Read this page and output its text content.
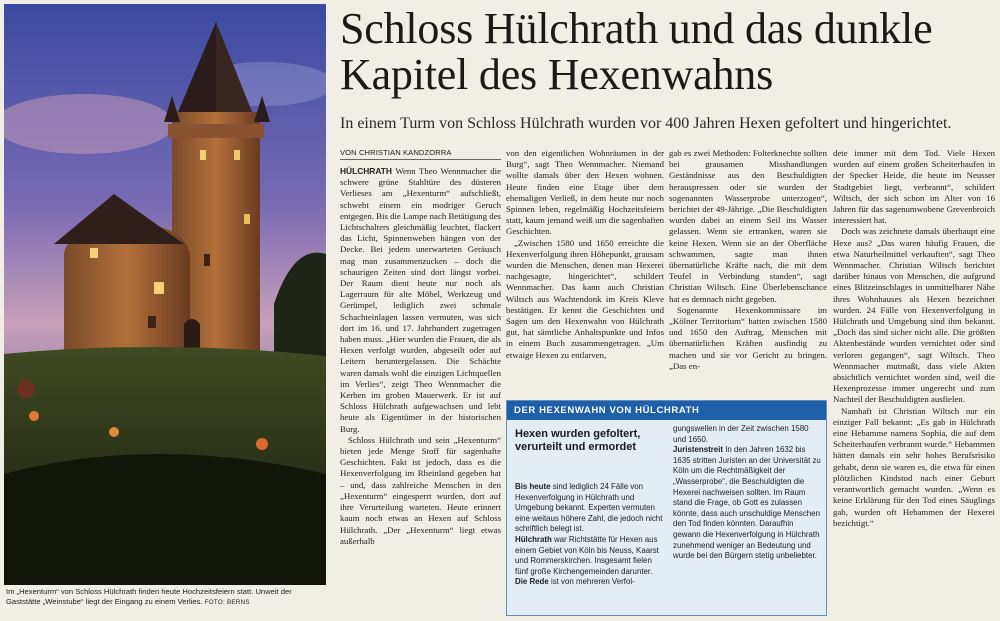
Im „Hexenturm“ von Schloss Hülchrath finden heute Hochzeitsfeiern statt. Unweit der Gaststätte „Weinstube“ liegt der Eingang zu einem Verlies. FOTO: BERNS
Schloss Hülchrath und das dunkle Kapitel des Hexenwahns
In einem Turm von Schloss Hülchrath wurden vor 400 Jahren Hexen gefoltert und hingerichtet.
VON CHRISTIAN KANDZORRA

HÜLCHRATH Wenn Theo Wennmacher die schwere grüne Stahltüre des düsteren Verlieses am „Hexenturm“ aufschließt, schwebt einem ein modriger Geruch entgegen. Bis die Lampe nach Betätigung des Lichtschalters gleichmäßig leuchtet, flackert das Licht, Spinnenweben hängen von der Decke. Bei jedem unerwarteten Geräusch mag man zusammenzucken – doch die schaurigen Zeiten sind dort längst vorbei. Der Raum dient heute nur noch als Lagerraum für alte Möbel, Werkzeug und Gerümpel, lediglich zwei schmale Schachteinlagen lassen vermuten, was sich dort im 16. und 17. Jahrhundert zugetragen haben muss. „Hier wurden die Frauen, die als Hexen verfolgt wurden, abgeseilt oder auf Leitern heruntergelassen. Die Schächte waren damals wohl die einzigen Lichtquellen im Verlies“, zeigt Theo Wennmacher die Kerben im groben Mauerwerk. Er ist auf Schloss Hülchrath aufgewachsen und lebt heute als Eigentümer in der historischen Burg.

Schloss Hülchrath und sein „Hexenturm“ bieten jede Menge Stoff für sagenhafte Geschichten. Fakt ist jedoch, dass es die Hexenverfolgung im Rheinland gegeben hat – und, dass zahlreiche Menschen in den „Hexenturm“ eingesperrt wurden, dort auf ihre Verurteilung warteten. Heute erinnert kaum noch etwas an Hexen auf Schloss Hülchrath. „Der „Hexenturm“ liegt etwas außerhalb

von den eigentlichen Wohnräumen in der Burg“, sagt Theo Wennmacher. Niemand wollte damals über den Hexen wohnen. Heute finden eine Etage über dem ehemaligen Verließ, in dem heute nur noch Spinnen leben, regelmäßig Hochzeitsfeiern statt, kaum jemand weiß um die sagenhaften Geschichten.

„Zwischen 1580 und 1650 erreichte die Hexenverfolgung ihren Höhepunkt, grausam wurden die Menschen, denen man Hexerei nachgesagte, hingerichtet“, schildert Wennmacher. Das kann auch Christian Wiltsch aus Wachtendonk im Kreis Kleve bestätigen. Er kennt die Geschichten und Sagen um den Hexenwahn von Hülchrath gut, hat sämtliche Anhaltspunkte und Infos in einem Buch zusammengetragen. „Um etwaige Hexen zu entlarven,

gab es zwei Methoden: Folterknechte sollten bei grausamen Misshandlungen Geständnisse aus den Beschuldigten herauspressen oder sie wurden der sogenannten Wasserprobe unterzogen“, berichtet der 49-Jährige. „Die Beschuldigten wurden dabei an einem Seil ins Wasser gelassen. Wenn sie ertranken, waren sie keine Hexen. Wenn sie an der Oberfläche schwammen, sagte man ihnen übernatürliche Kräfte nach, die mit dem Teufel in Verbindung standen“, sagt Christian Wiltsch. Eine Überlebenschance hat es demnach nicht gegeben.

Sogenannte Hexenkommissare im „Kölner Territorium“ hatten zwischen 1580 und 1650 den Auftrag, Menschen mit übernatürlichen Kräften ausfindig zu machen und sie vor Gericht zu bringen. „Das en-

dete immer mit dem Tod. Viele Hexen wurden auf einem großen Scheiterhaufen in der Specker Heide, die heute im Neusser Stadtgebiet liegt, verbrannt“, schildert Wiltsch, der sich schon im Alter von 16 Jahren für das sagenumwobene Grevenbroich interessiert hat.

Doch was zeichnete damals überhaupt eine Hexe aus? „Das waren häufig Frauen, die etwa Naturheilmittel verkauften“, sagt Theo Wennmacher. Christian Wiltsch berichtet darüber hinaus von Menschen, die aufgrund eines Blitzeinschlages in unmittelbarer Nähe ihres Wohnhauses als Hexen bezeichnet wurden. 24 Fälle von Hexenverfolgung in Hülchrath und Umgebung sind ihm bekannt. „Doch das sind sicher nicht alle. Die größten Aktenbestände wurden vernichtet oder sind verloren gegangen“, sagt Wiltsch. Theo Wennmacher mutmaßt, dass viele Akten absichtlich vernichtet worden sind, weil die Hexenprozesse immer ungerecht und zum Nachteil der Beschuldigten ausfielen.

Namhaft ist Christian Wiltsch nur ein einziger Fall bekannt: „Es gab in Hülchrath eine Hebamme namens Sophia, die auf dem Scheiterhaufen verbrannt wurde.“ Hebammen hätten damals ein sehr hohes Berufsrisiko gehabt, denn sie waren es, die etwa für einen plötzlichen Kindstod nach einer Geburt verantwortlich gemacht wurden. „Wenn es keine Erklärung für den Tod eines Säuglings gab, wurden oft Hebammen der Hexerei bezichtigt.“

DER HEXENWAHN VON HÜLCHRATH
Hexen wurden gefoltert, verurteilt und ermordet

Bis heute sind lediglich 24 Fälle von Hexenverfolgung in Hülchrath und Umgebung bekannt. Experten vermuten eine weitaus höhere Zahl, die jedoch nicht schriftlich belegt ist.

Hülchrath war Richtstätte für Hexen aus einem Gebiet von Köln bis Neuss, Kaarst und Rommerskirchen. Insgesamt fielen fünf große Kirchengemeinden darunter.

Die Rede ist von mehreren Verfol-

gungswellen in der Zeit zwischen 1580 und 1650.

Juristenstreit In den Jahren 1632 bis 1635 stritten Juristen an der Universität zu Köln um die Rechtmäßigkeit der „Wasserprobe“, die Beschuldigten die Hexerei nachweisen sollten. Im Raum stand die Frage, ob Gott es zulassen könnte, dass auch unschuldige Menschen den Tod finden könnten. Daraufhin gewann die Hexenverfolgung in Hülchrath zunehmend weniger an Bedeutung und wurde bei den Bürgern stetig unbeliebter.
